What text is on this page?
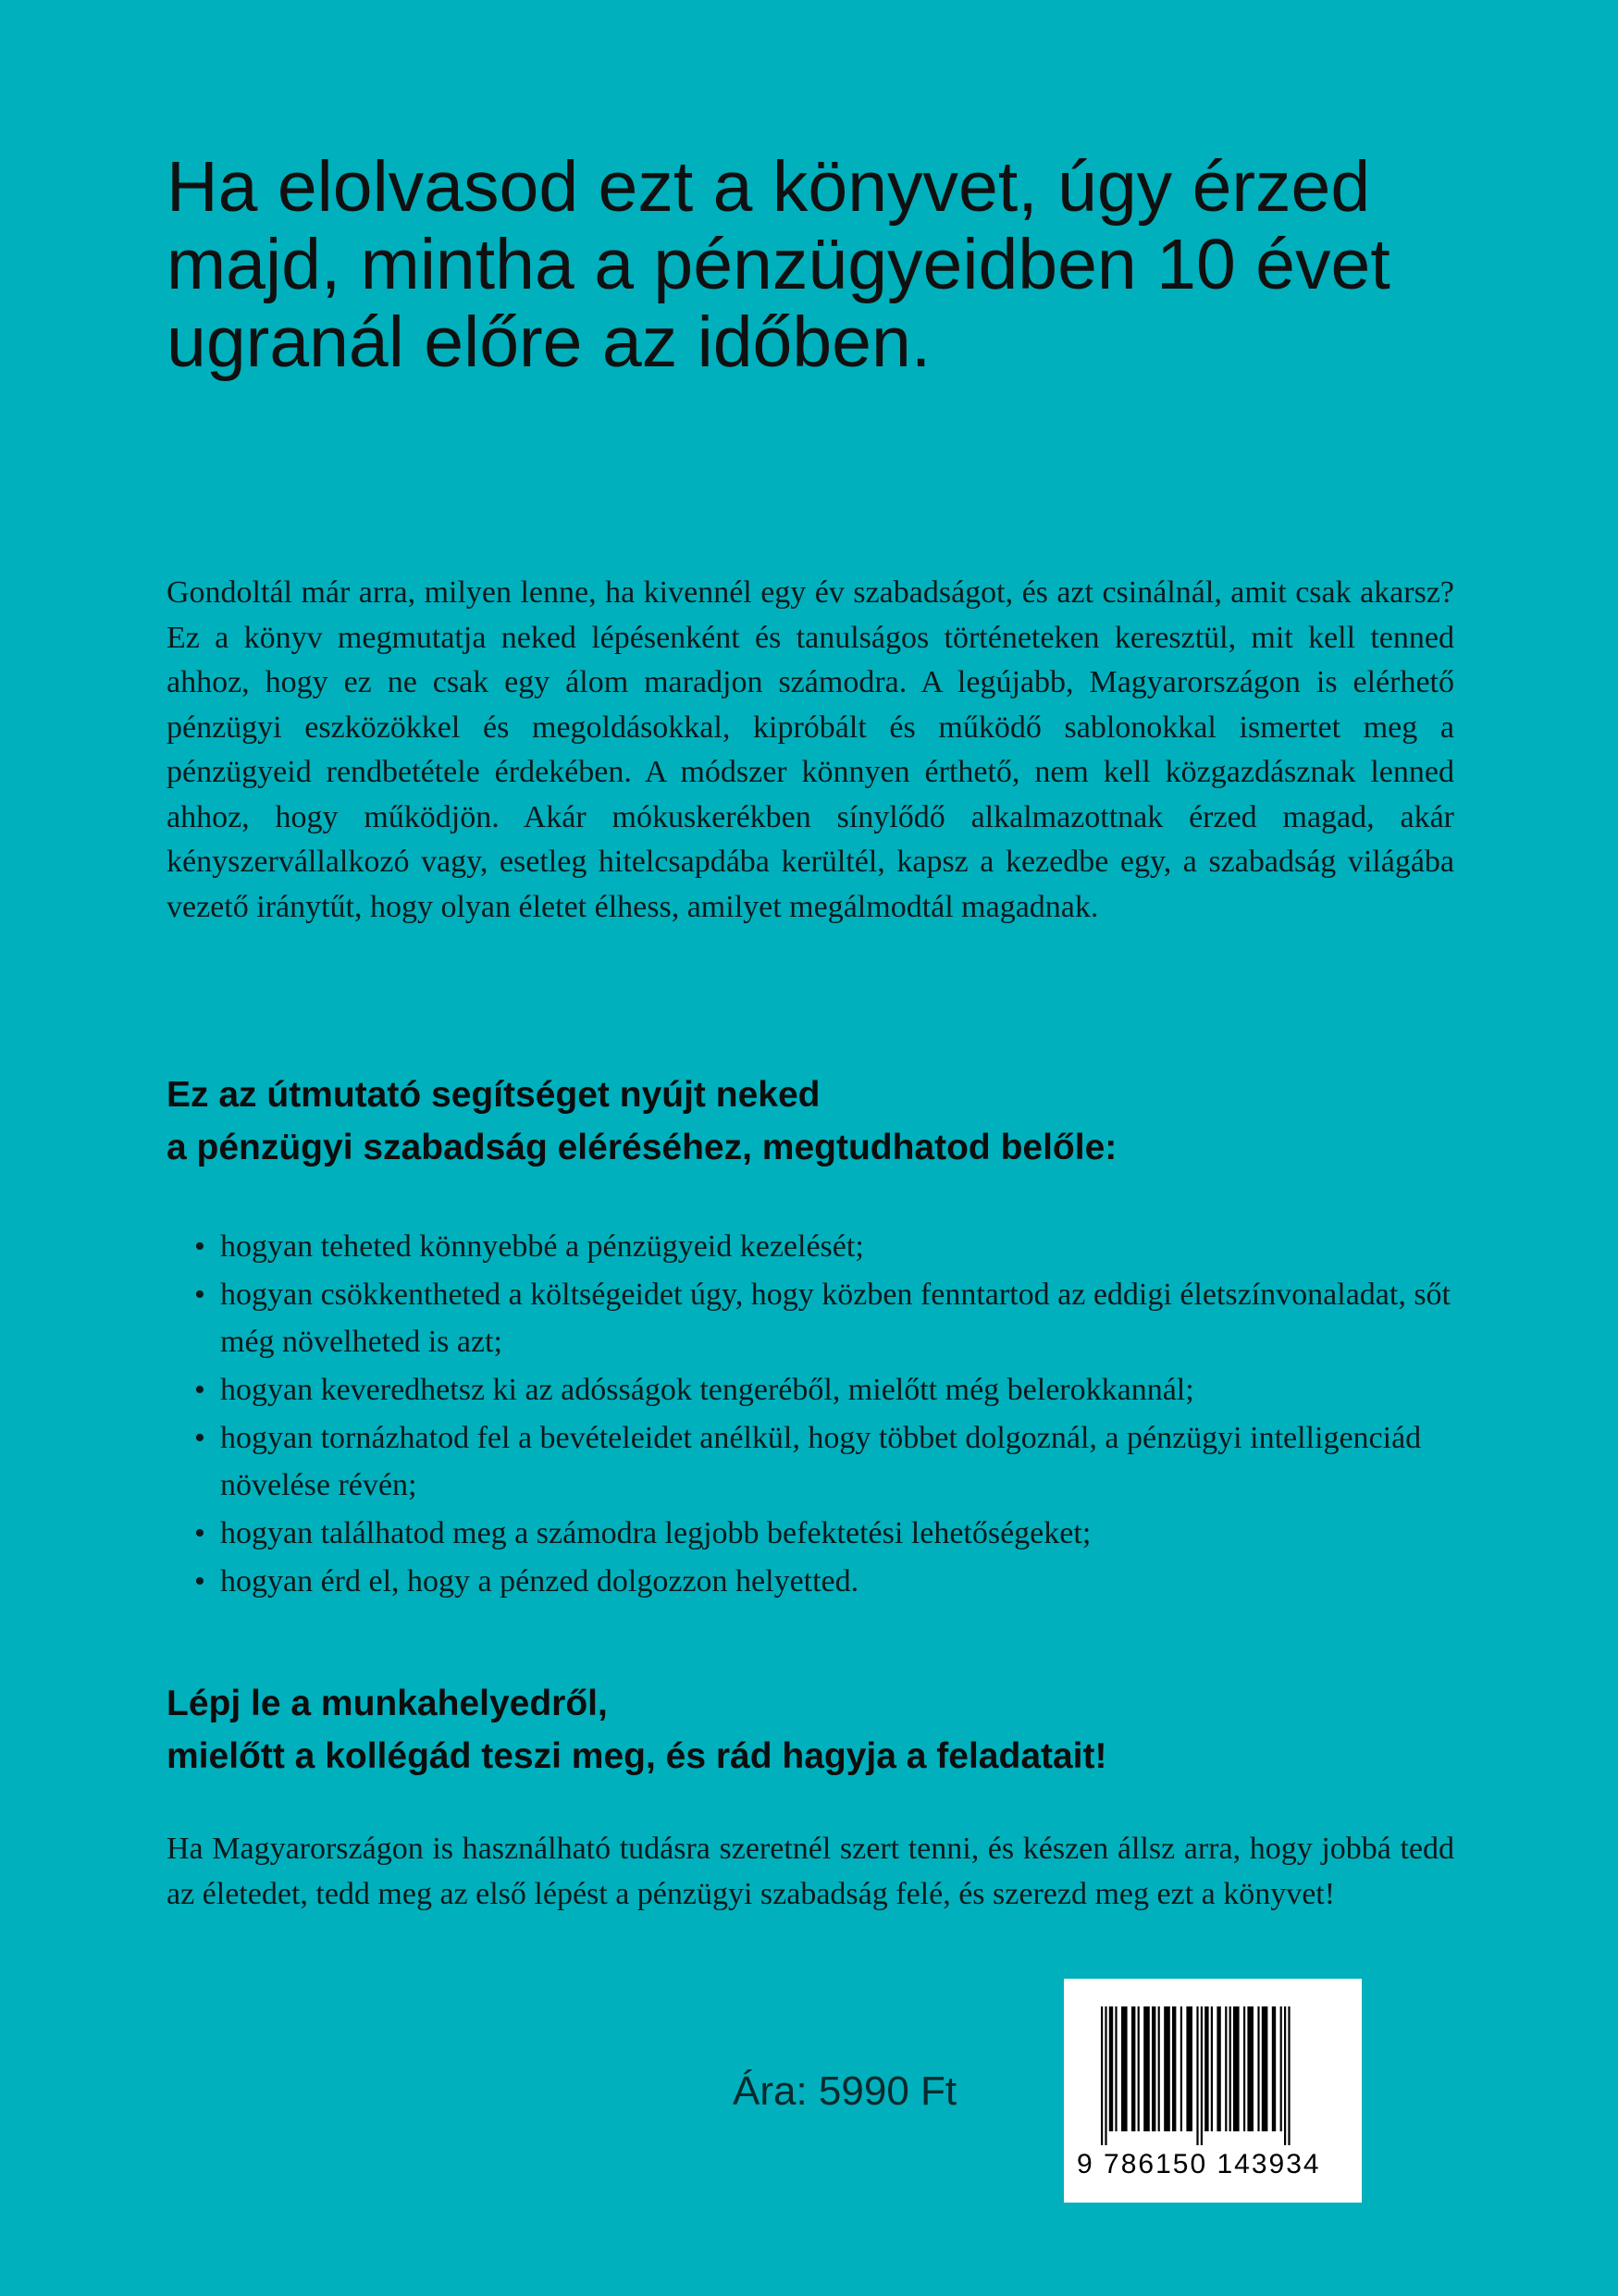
Ha elolvasod ezt a könyvet, úgy érzed majd, mintha a pénzügyeidben 10 évet ugranál előre az időben.

Gondoltál már arra, milyen lenne, ha kivennél egy év szabadságot, és azt csinálnál, amit csak akarsz? Ez a könyv megmutatja neked lépésenként és tanulságos történeteken keresztül, mit kell tenned ahhoz, hogy ez ne csak egy álom maradjon számodra. A legújabb, Magyarországon is elérhető pénzügyi eszközökkel és megoldásokkal, kipróbált és működő sablonokkal ismertet meg a pénzügyeid rendbetétele érdekében. A módszer könnyen érthető, nem kell közgazdásznak lenned ahhoz, hogy működjön. Akár mókuskerékben sínylődő alkalmazottnak érzed magad, akár kényszervállalkozó vagy, esetleg hitelcsapdába kerültél, kapsz a kezedbe egy, a szabadság világába vezető iránytűt, hogy olyan életet élhess, amilyet megálmodtál magadnak.

Ez az útmutató segítséget nyújt neked
a pénzügyi szabadság eléréséhez, megtudhatod belőle:
• hogyan teheted könnyebbé a pénzügyeid kezelését;
• hogyan csökkentheted a költségeidet úgy, hogy közben fenntartod az eddigi életszínvonaladat, sőt még növelheted is azt;
• hogyan keveredhetsz ki az adósságok tengeréből, mielőtt még belerokkannál;
• hogyan tornázhatod fel a bevételeidet anélkül, hogy többet dolgoznál, a pénzügyi intelligenciád növelése révén;
• hogyan találhatod meg a számodra legjobb befektetési lehetőségeket;
• hogyan érd el, hogy a pénzed dolgozzon helyetted.
Lépj le a munkahelyedről,
mielőtt a kollégád teszi meg, és rád hagyja a feladatait!

Ha Magyarországon is használható tudásra szeretnél szert tenni, és készen állsz arra, hogy jobbá tedd az életedet, tedd meg az első lépést a pénzügyi szabadság felé, és szerezd meg ezt a könyvet!

Ára: 5990 Ft
9 786150 143934
